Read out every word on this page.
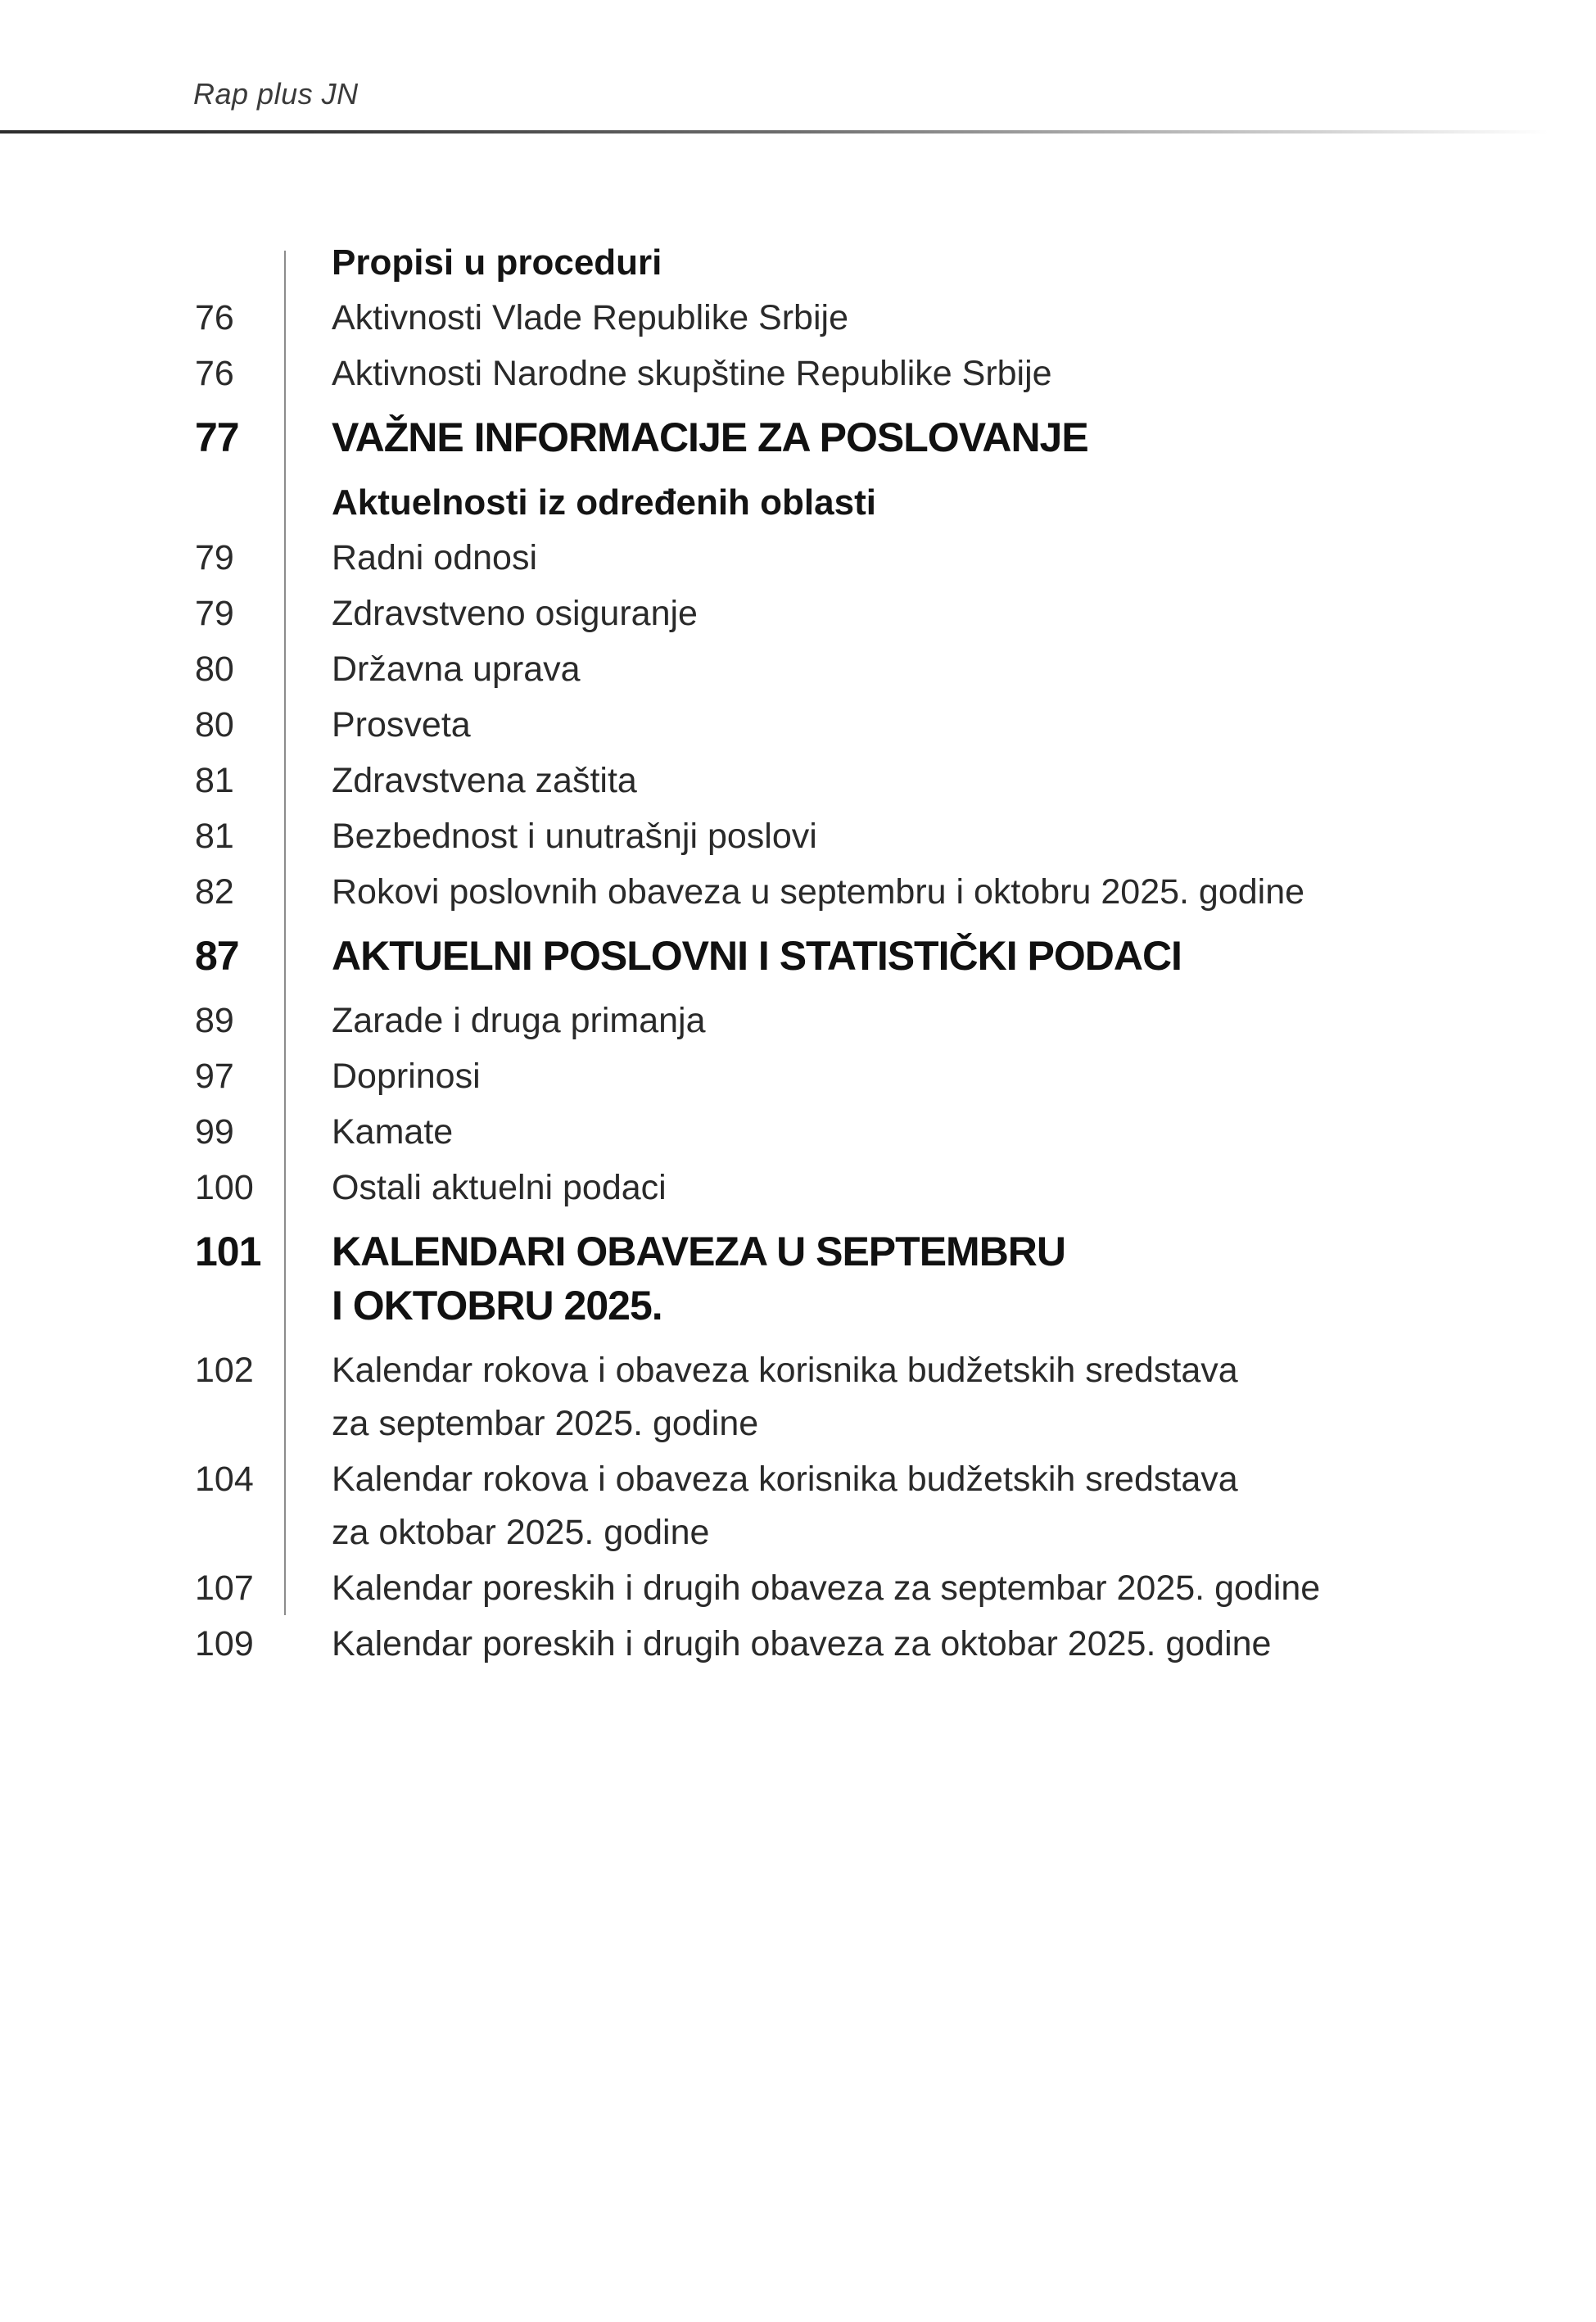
Rap plus JN
Propisi u proceduri
76	Aktivnosti Vlade Republike Srbije
76	Aktivnosti Narodne skupštine Republike Srbije
77	VAŽNE INFORMACIJE ZA POSLOVANJE
Aktuelnosti iz određenih oblasti
79	Radni odnosi
79	Zdravstveno osiguranje
80	Državna uprava
80	Prosveta
81	Zdravstvena zaštita
81	Bezbednost i unutrašnji poslovi
82	Rokovi poslovnih obaveza u septembru i oktobru 2025. godine
87	AKTUELNI POSLOVNI I STATISTIČKI PODACI
89	Zarade i druga primanja
97	Doprinosi
99	Kamate
100	Ostali aktuelni podaci
101	KALENDARI OBAVEZA U SEPTEMBRU
I OKTOBRU 2025.
102	Kalendar rokova i obaveza korisnika budžetskih sredstava
za septembar 2025. godine
104	Kalendar rokova i obaveza korisnika budžetskih sredstava
za oktobar 2025. godine
107	Kalendar poreskih i drugih obaveza za septembar 2025. godine
109	Kalendar poreskih i drugih obaveza za oktobar 2025. godine
